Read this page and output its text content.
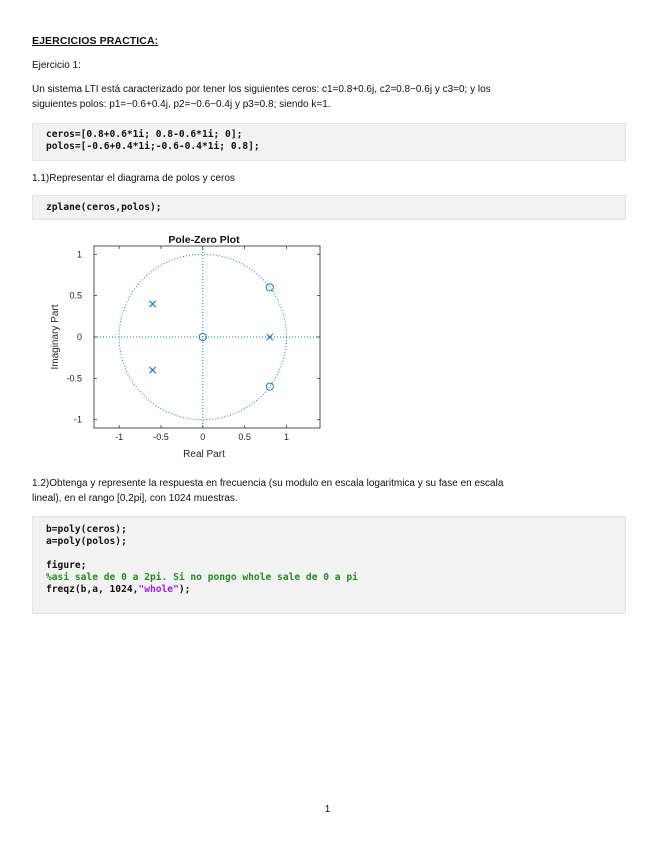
EJERCICIOS PRACTICA:
Ejercicio 1:
Un sistema LTI está caracterizado por tener los siguientes ceros: c1=0.8+0.6j, c2=0.8−0.6j y c3=0; y los
siguientes polos: p1=−0.6+0.4j, p2=−0.6−0.4j y p3=0.8; siendo k=1.
ceros=[0.8+0.6*1i; 0.8-0.6*1i; 0];
polos=[-0.6+0.4*1i;-0.6-0.4*1i; 0.8];
1.1)Representar el diagrama de polos y ceros
zplane(ceros,polos);
Pole-Zero Plot
-1	-0.5	0	0.5	1
1
0.5
0
-0.5
-1
Real Part
Imaginary Part
1.2)Obtenga y represente la respuesta en frecuencia (su modulo en escala logaritmica y su fase en escala
lineal), en el rango [0,2pi], con 1024 muestras.
b=poly(ceros);
a=poly(polos);
figure;
%asi sale de 0 a 2pi. Si no pongo whole sale de 0 a pi
freqz(b,a, 1024,"whole");
1
